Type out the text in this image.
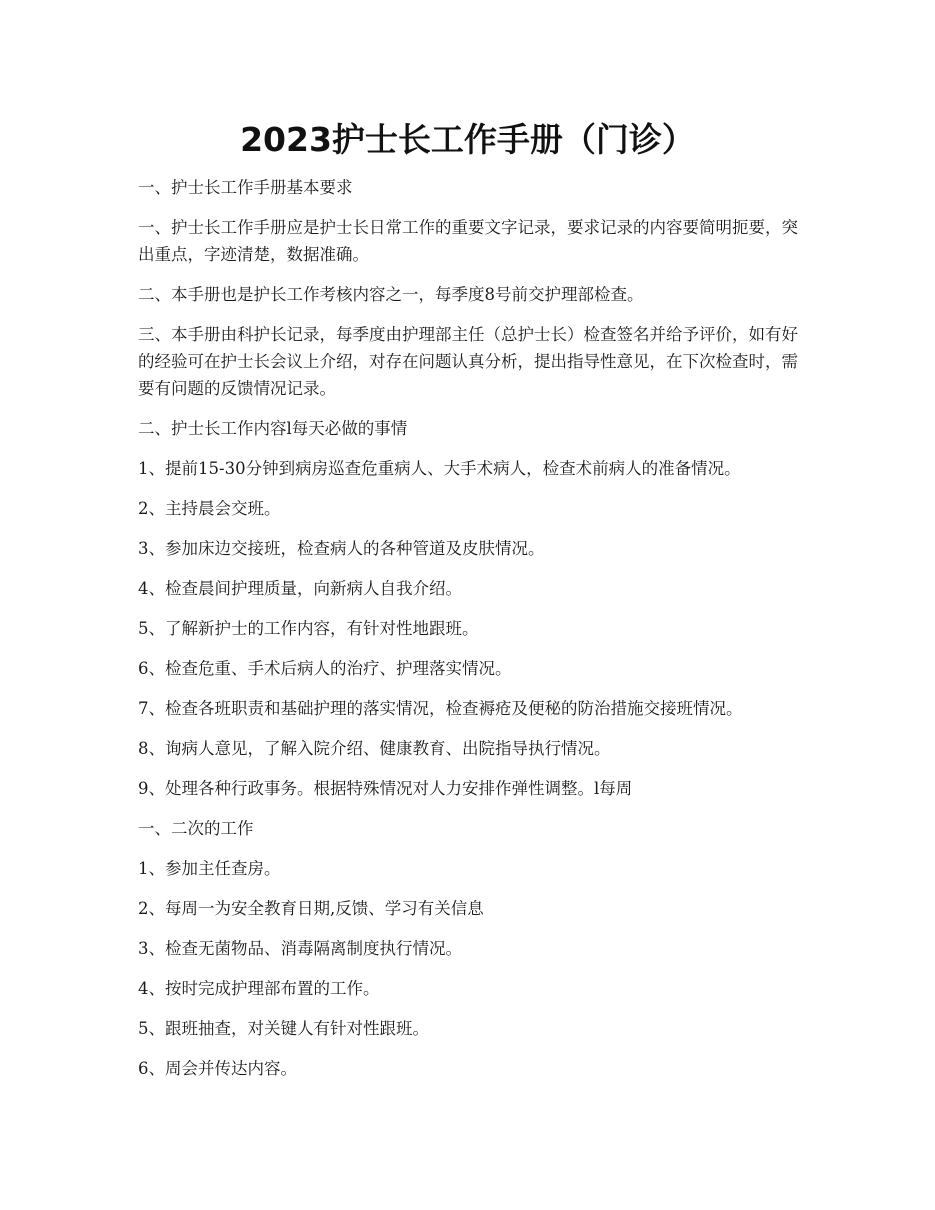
2023护士长工作手册（门诊）

一、护士长工作手册基本要求

一、护士长工作手册应是护士长日常工作的重要文字记录，要求记录的内容要简明扼要，突出重点，字迹清楚，数据准确。

二、本手册也是护长工作考核内容之一，每季度8号前交护理部检查。

三、本手册由科护长记录，每季度由护理部主任（总护士长）检查签名并给予评价，如有好的经验可在护士长会议上介绍，对存在问题认真分析，提出指导性意见，在下次检查时，需要有问题的反馈情况记录。

二、护士长工作内容l每天必做的事情

1、提前15-30分钟到病房巡查危重病人、大手术病人，检查术前病人的准备情况。

2、主持晨会交班。

3、参加床边交接班，检查病人的各种管道及皮肤情况。

4、检查晨间护理质量，向新病人自我介绍。

5、了解新护士的工作内容，有针对性地跟班。

6、检查危重、手术后病人的治疗、护理落实情况。

7、检查各班职责和基础护理的落实情况，检查褥疮及便秘的防治措施交接班情况。

8、询病人意见，了解入院介绍、健康教育、出院指导执行情况。

9、处理各种行政事务。根据特殊情况对人力安排作弹性调整。l每周

一、二次的工作

1、参加主任查房。

2、每周一为安全教育日期,反馈、学习有关信息

3、检查无菌物品、消毒隔离制度执行情况。

4、按时完成护理部布置的工作。

5、跟班抽查，对关键人有针对性跟班。

6、周会并传达内容。
